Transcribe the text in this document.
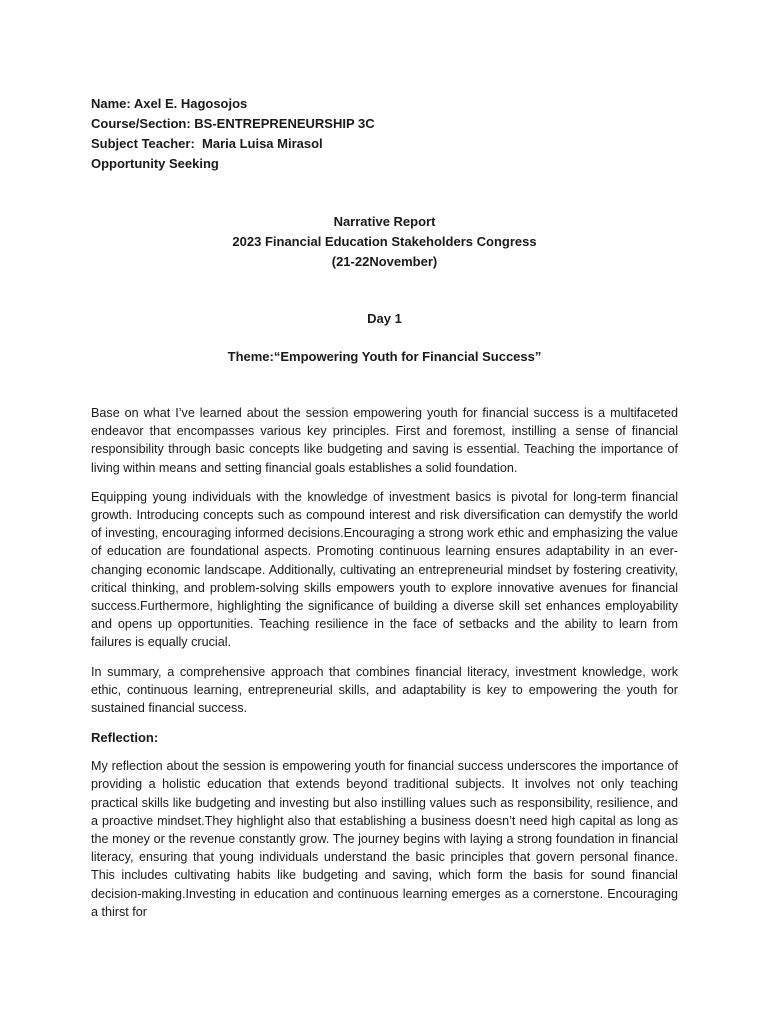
Name: Axel E. Hagosojos
Course/Section: BS-ENTREPRENEURSHIP 3C
Subject Teacher:  Maria Luisa Mirasol
Opportunity Seeking
Narrative Report
2023 Financial Education Stakeholders Congress
(21-22November)
Day 1
Theme:“Empowering Youth for Financial Success”

Base on what I’ve learned about the session empowering youth for financial success is a multifaceted endeavor that encompasses various key principles. First and foremost, instilling a sense of financial responsibility through basic concepts like budgeting and saving is essential. Teaching the importance of living within means and setting financial goals establishes a solid foundation.

Equipping young individuals with the knowledge of investment basics is pivotal for long-term financial growth. Introducing concepts such as compound interest and risk diversification can demystify the world of investing, encouraging informed decisions.Encouraging a strong work ethic and emphasizing the value of education are foundational aspects. Promoting continuous learning ensures adaptability in an ever-changing economic landscape. Additionally, cultivating an entrepreneurial mindset by fostering creativity, critical thinking, and problem-solving skills empowers youth to explore innovative avenues for financial success.Furthermore, highlighting the significance of building a diverse skill set enhances employability and opens up opportunities. Teaching resilience in the face of setbacks and the ability to learn from failures is equally crucial.

In summary, a comprehensive approach that combines financial literacy, investment knowledge, work ethic, continuous learning, entrepreneurial skills, and adaptability is key to empowering the youth for sustained financial success.

Reflection:

My reflection about the session is empowering youth for financial success underscores the importance of providing a holistic education that extends beyond traditional subjects. It involves not only teaching practical skills like budgeting and investing but also instilling values such as responsibility, resilience, and a proactive mindset.They highlight also that establishing a business doesn’t need high capital as long as the money or the revenue constantly grow. The journey begins with laying a strong foundation in financial literacy, ensuring that young individuals understand the basic principles that govern personal finance. This includes cultivating habits like budgeting and saving, which form the basis for sound financial decision-making.Investing in education and continuous learning emerges as a cornerstone. Encouraging a thirst for
